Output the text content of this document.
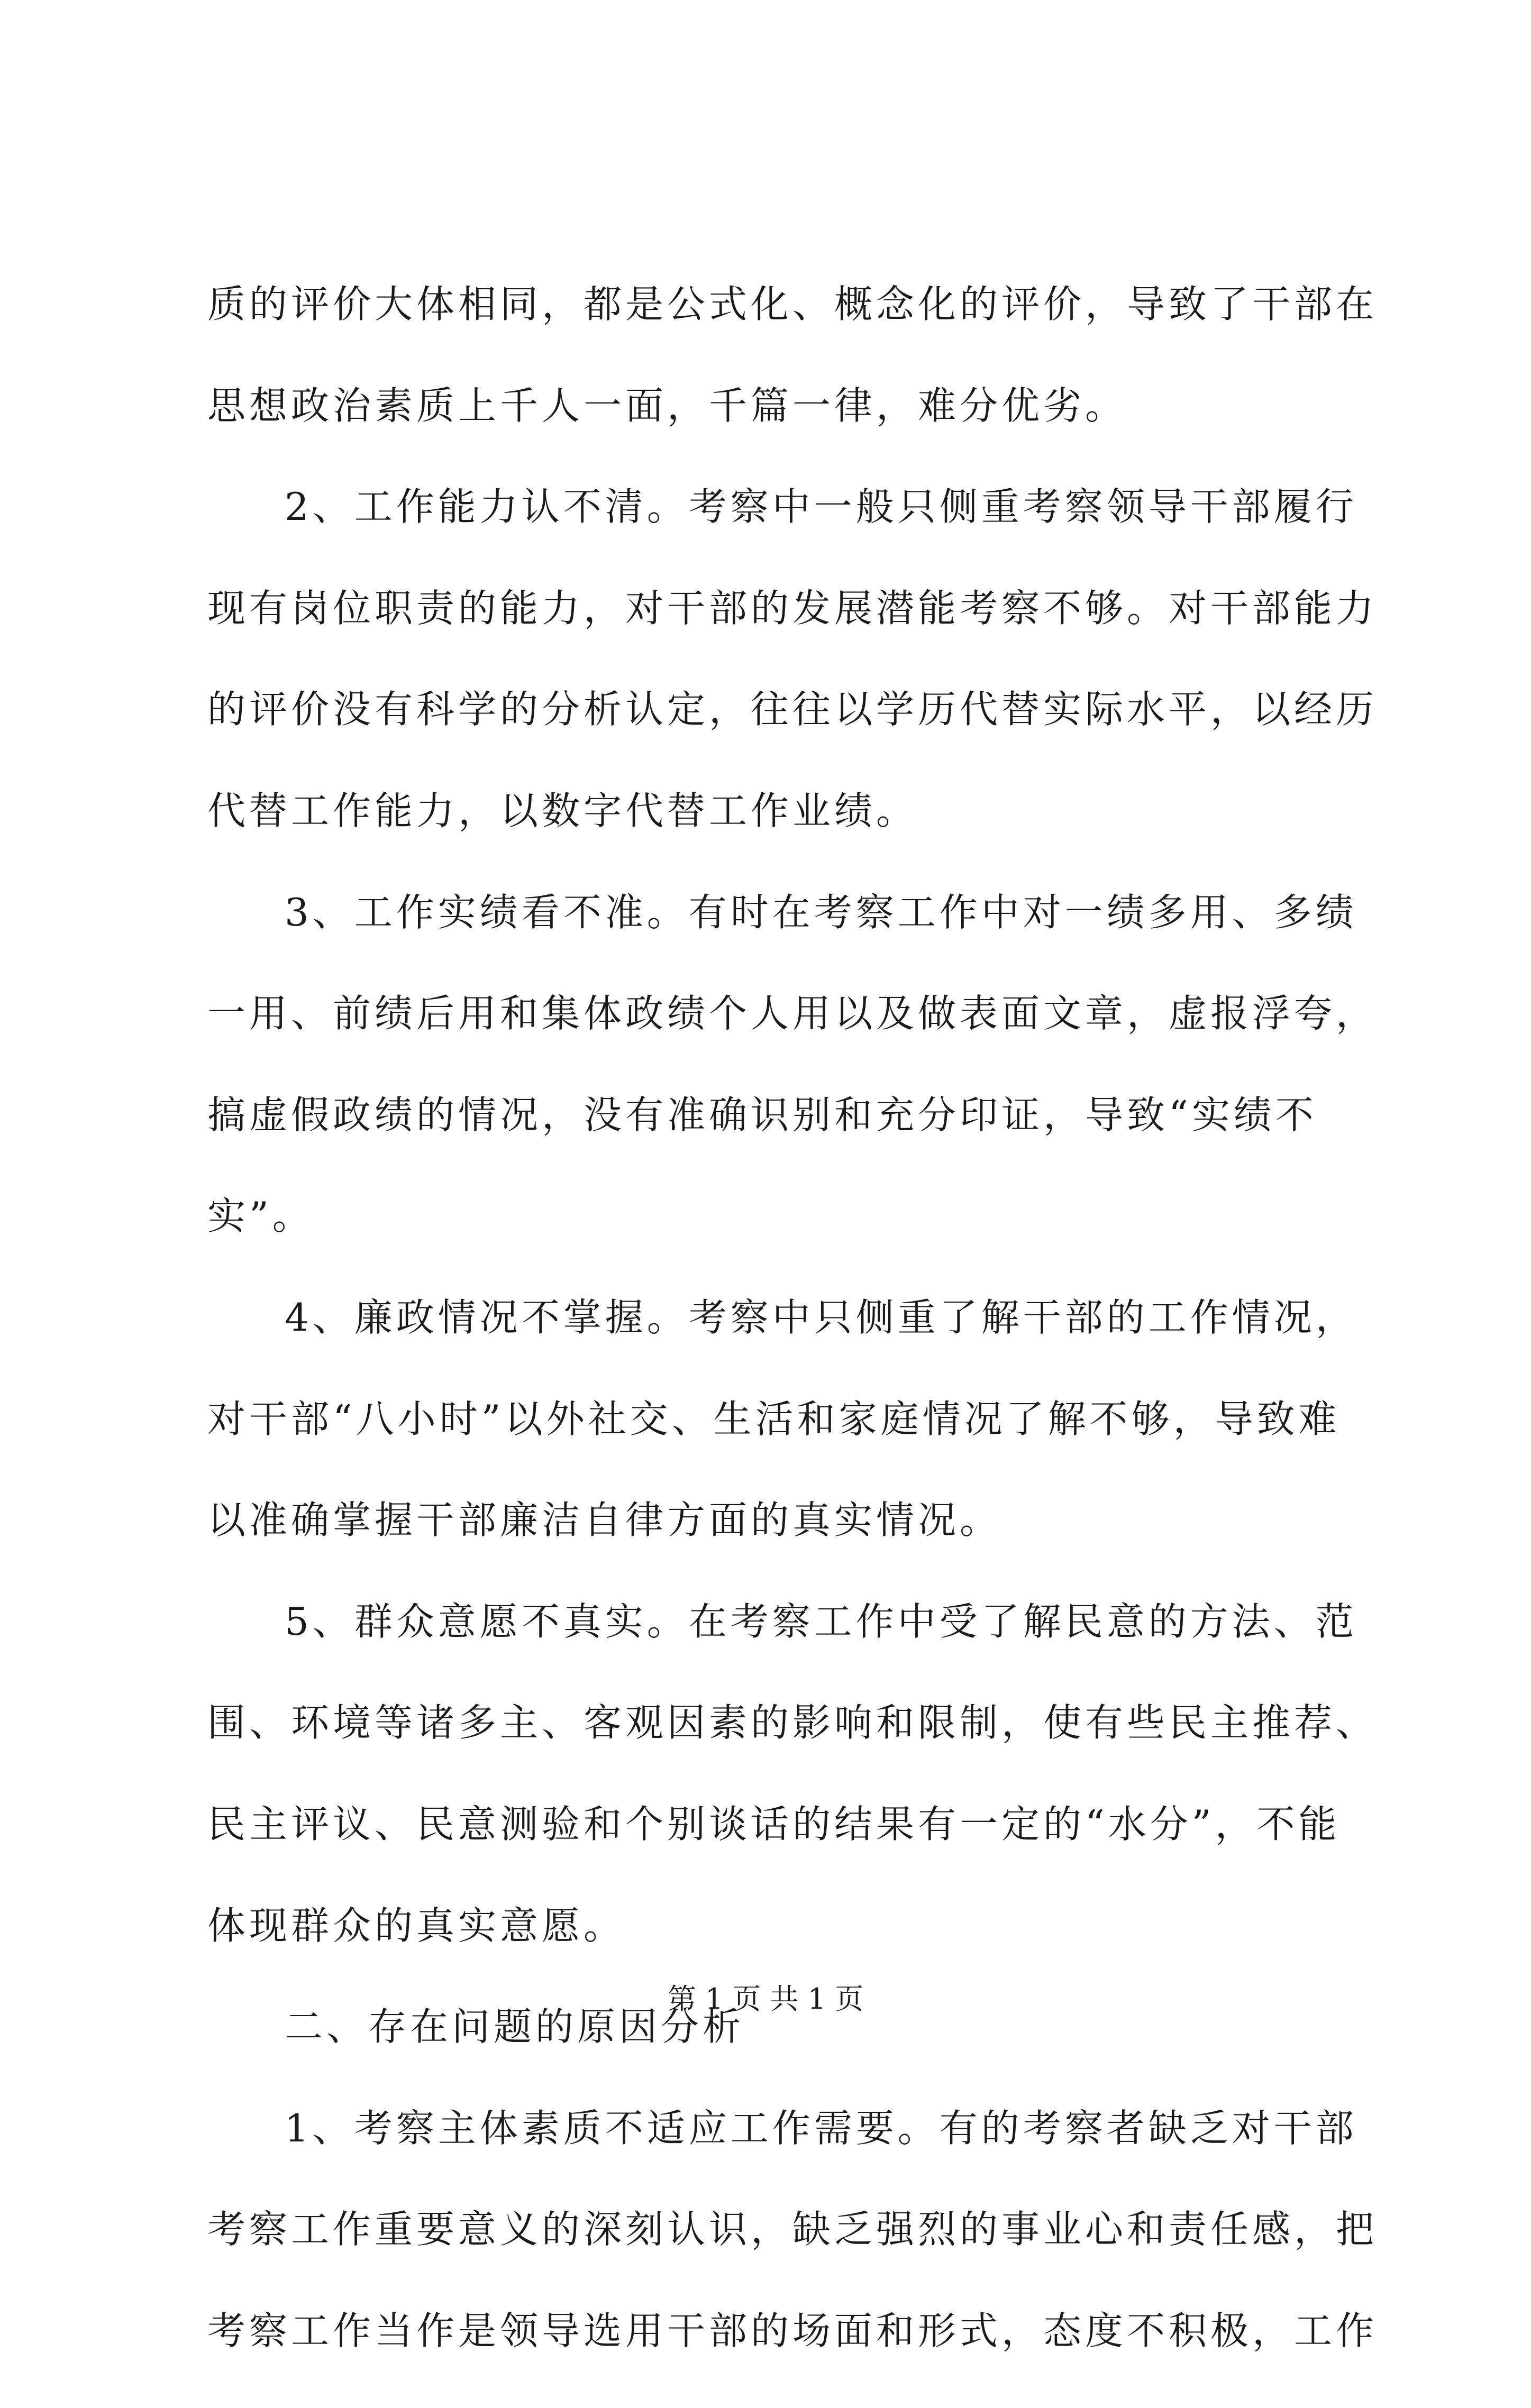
质的评价大体相同，都是公式化、概念化的评价，导致了干部在
思想政治素质上千人一面，千篇一律，难分优劣。
2、工作能力认不清。考察中一般只侧重考察领导干部履行
现有岗位职责的能力，对干部的发展潜能考察不够。对干部能力
的评价没有科学的分析认定，往往以学历代替实际水平，以经历
代替工作能力，以数字代替工作业绩。
3、工作实绩看不准。有时在考察工作中对一绩多用、多绩
一用、前绩后用和集体政绩个人用以及做表面文章，虚报浮夸，
搞虚假政绩的情况，没有准确识别和充分印证，导致“实绩不
实”。
4、廉政情况不掌握。考察中只侧重了解干部的工作情况，
对干部“八小时”以外社交、生活和家庭情况了解不够，导致难
以准确掌握干部廉洁自律方面的真实情况。
5、群众意愿不真实。在考察工作中受了解民意的方法、范
围、环境等诸多主、客观因素的影响和限制，使有些民主推荐、
民主评议、民意测验和个别谈话的结果有一定的“水分”，不能
体现群众的真实意愿。
二、存在问题的原因分析
1、考察主体素质不适应工作需要。有的考察者缺乏对干部
考察工作重要意义的深刻认识，缺乏强烈的事业心和责任感，把
考察工作当作是领导选用干部的场面和形式，态度不积极，工作
第 1 页 共 1 页
